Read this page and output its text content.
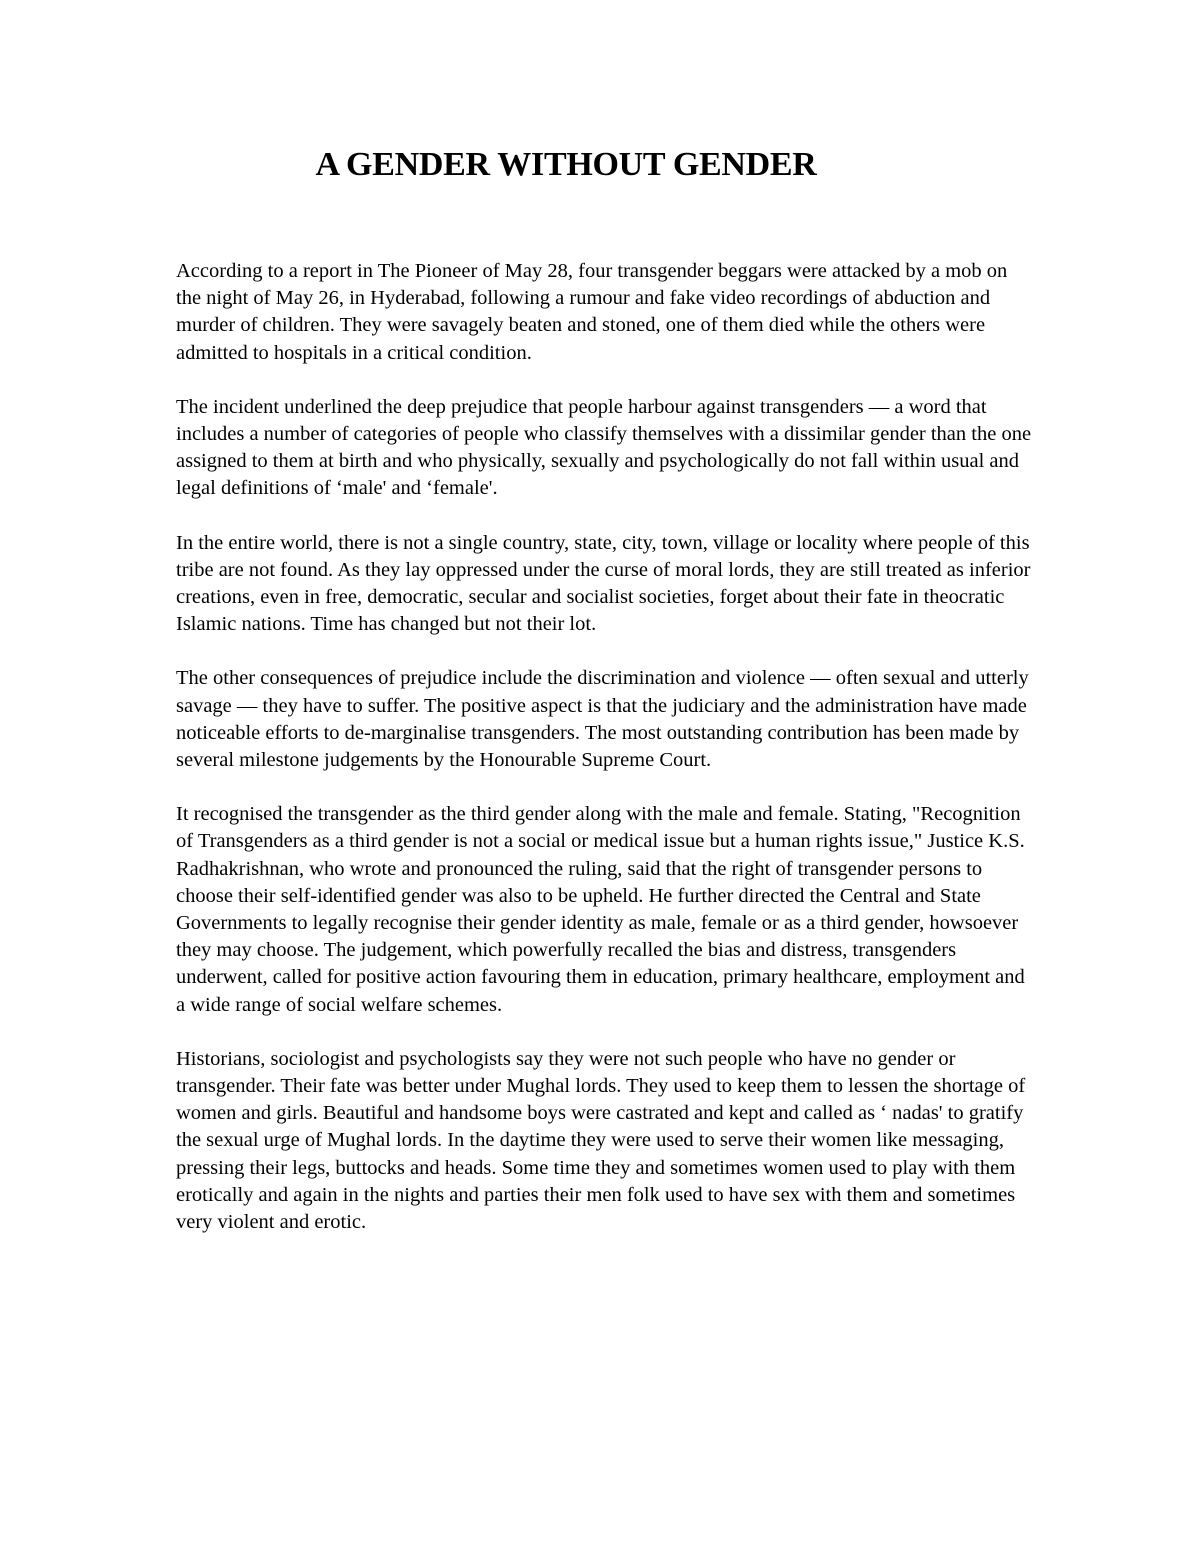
A GENDER WITHOUT GENDER

According to a report in The Pioneer of May 28, four transgender beggars were attacked by a mob on the night of May 26, in Hyderabad, following a rumour and fake video recordings of abduction and murder of children. They were savagely beaten and stoned, one of them died while the others were admitted to hospitals in a critical condition.

The incident underlined the deep prejudice that people harbour against transgenders — a word that includes a number of categories of people who classify themselves with a dissimilar gender than the one assigned to them at birth and who physically, sexually and psychologically do not fall within usual and legal definitions of ‘male' and ‘female'.

In the entire world, there is not a single country, state, city, town, village or locality where people of this tribe are not found. As they lay oppressed under the curse of moral lords, they are still treated as inferior creations, even in free, democratic, secular and socialist societies, forget about their fate in theocratic Islamic nations. Time has changed but not their lot.

The other consequences of prejudice include the discrimination and violence — often sexual and utterly savage — they have to suffer. The positive aspect is that the judiciary and the administration have made noticeable efforts to de-marginalise transgenders. The most outstanding contribution has been made by several milestone judgements by the Honourable Supreme Court.

It recognised the transgender as the third gender along with the male and female. Stating, "Recognition of Transgenders as a third gender is not a social or medical issue but a human rights issue," Justice K.S. Radhakrishnan, who wrote and pronounced the ruling, said that the right of transgender persons to choose their self-identified gender was also to be upheld. He further directed the Central and State Governments to legally recognise their gender identity as male, female or as a third gender, howsoever they may choose. The judgement, which powerfully recalled the bias and distress, transgenders underwent, called for positive action favouring them in education, primary healthcare, employment and a wide range of social welfare schemes.

Historians, sociologist and psychologists say they were not such people who have no gender or transgender. Their fate was better under Mughal lords. They used to keep them to lessen the shortage of women and girls. Beautiful and handsome boys were castrated and kept and called as ‘ nadas' to gratify the sexual urge of Mughal lords. In the daytime they were used to serve their women like messaging, pressing their legs, buttocks and heads. Some time they and sometimes women used to play with them erotically and again in the nights and parties their men folk used to have sex with them and sometimes very violent and erotic.
